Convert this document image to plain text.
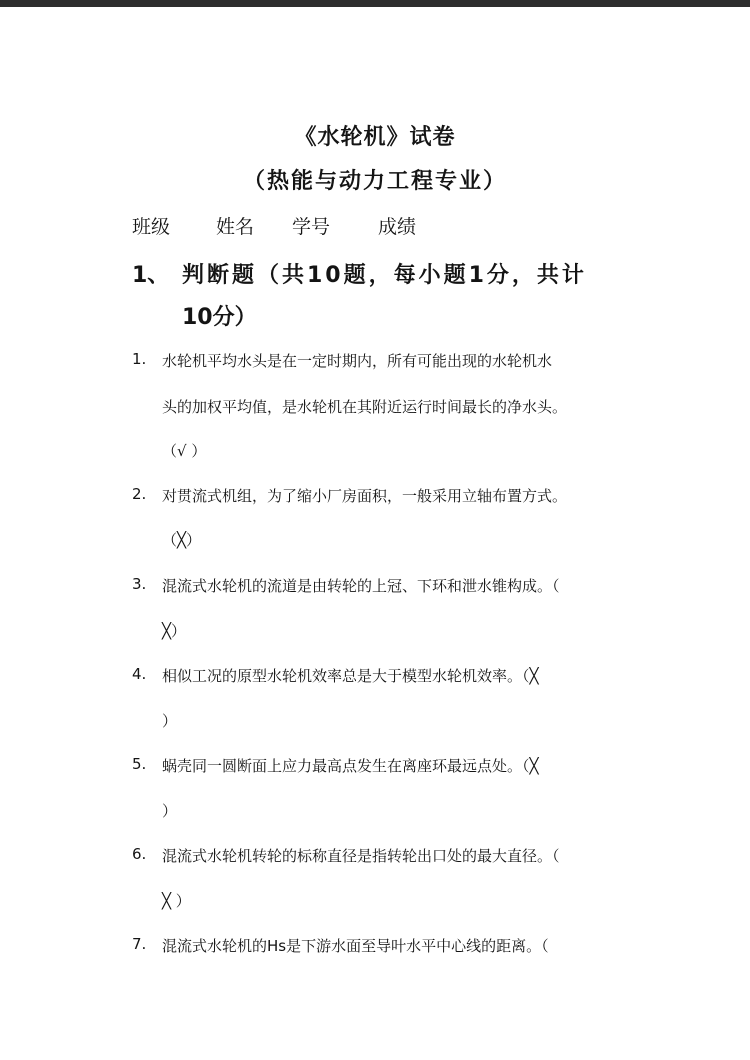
《水轮机》试卷
（热能与动力工程专业）
班级 姓名 学号	成绩
1、 判断题（共10题，每小题1分，共计
10分）
1. 水轮机平均水头是在一定时期内，所有可能出现的水轮机水
头的加权平均值，是水轮机在其附近运行时间最长的净水头。
（√ ）
2. 对贯流式机组，为了缩小厂房面积，一般采用立轴布置方式。
（╳）
3. 混流式水轮机的流道是由转轮的上冠、下环和泄水锥构成。（
╳）
4. 相似工况的原型水轮机效率总是大于模型水轮机效率。（╳
）
5. 蜗壳同一圆断面上应力最高点发生在离座环最远点处。（╳
）
6. 混流式水轮机转轮的标称直径是指转轮出口处的最大直径。（
╳ ）
7. 混流式水轮机的Hs是下游水面至导叶水平中心线的距离。（
